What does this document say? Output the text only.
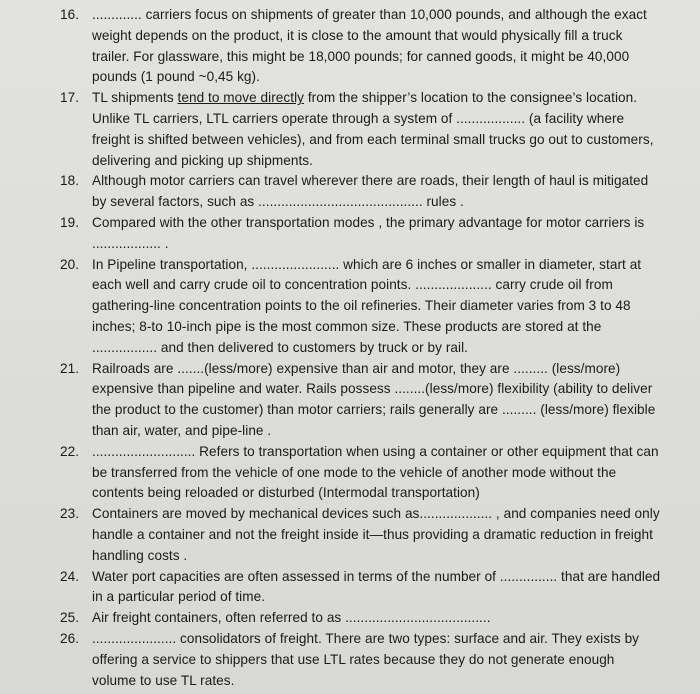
16. ............. carriers focus on shipments of greater than 10,000 pounds, and although the exact weight depends on the product, it is close to the amount that would physically fill a truck trailer. For glassware, this might be 18,000 pounds; for canned goods, it might be 40,000 pounds (1 pound ~0,45 kg).
17. TL shipments tend to move directly from the shipper’s location to the consignee’s location. Unlike TL carriers, LTL carriers operate through a system of .................. (a facility where freight is shifted between vehicles), and from each terminal small trucks go out to customers, delivering and picking up shipments.
18. Although motor carriers can travel wherever there are roads, their length of haul is mitigated by several factors, such as ........................................... rules .
19. Compared with the other transportation modes , the primary advantage for motor carriers is .................. .
20. In Pipeline transportation, ....................... which are 6 inches or smaller in diameter, start at each well and carry crude oil to concentration points. .................... carry crude oil from gathering-line concentration points to the oil refineries. Their diameter varies from 3 to 48 inches; 8-to 10-inch pipe is the most common size. These products are stored at the ................. and then delivered to customers by truck or by rail.
21. Railroads are .......(less/more) expensive than air and motor, they are ......... (less/more) expensive than pipeline and water. Rails possess ........(less/more) flexibility (ability to deliver the product to the customer) than motor carriers; rails generally are ......... (less/more) flexible than air, water, and pipe-line .
22. ........................... Refers to transportation when using a container or other equipment that can be transferred from the vehicle of one mode to the vehicle of another mode without the contents being reloaded or disturbed (Intermodal transportation)
23. Containers are moved by mechanical devices such as................... , and companies need only handle a container and not the freight inside it—thus providing a dramatic reduction in freight handling costs .
24. Water port capacities are often assessed in terms of the number of ............... that are handled in a particular period of time.
25. Air freight containers, often referred to as ......................................
26. ...................... consolidators of freight. There are two types: surface and air. They exists by offering a service to shippers that use LTL rates because they do not generate enough volume to use TL rates.
